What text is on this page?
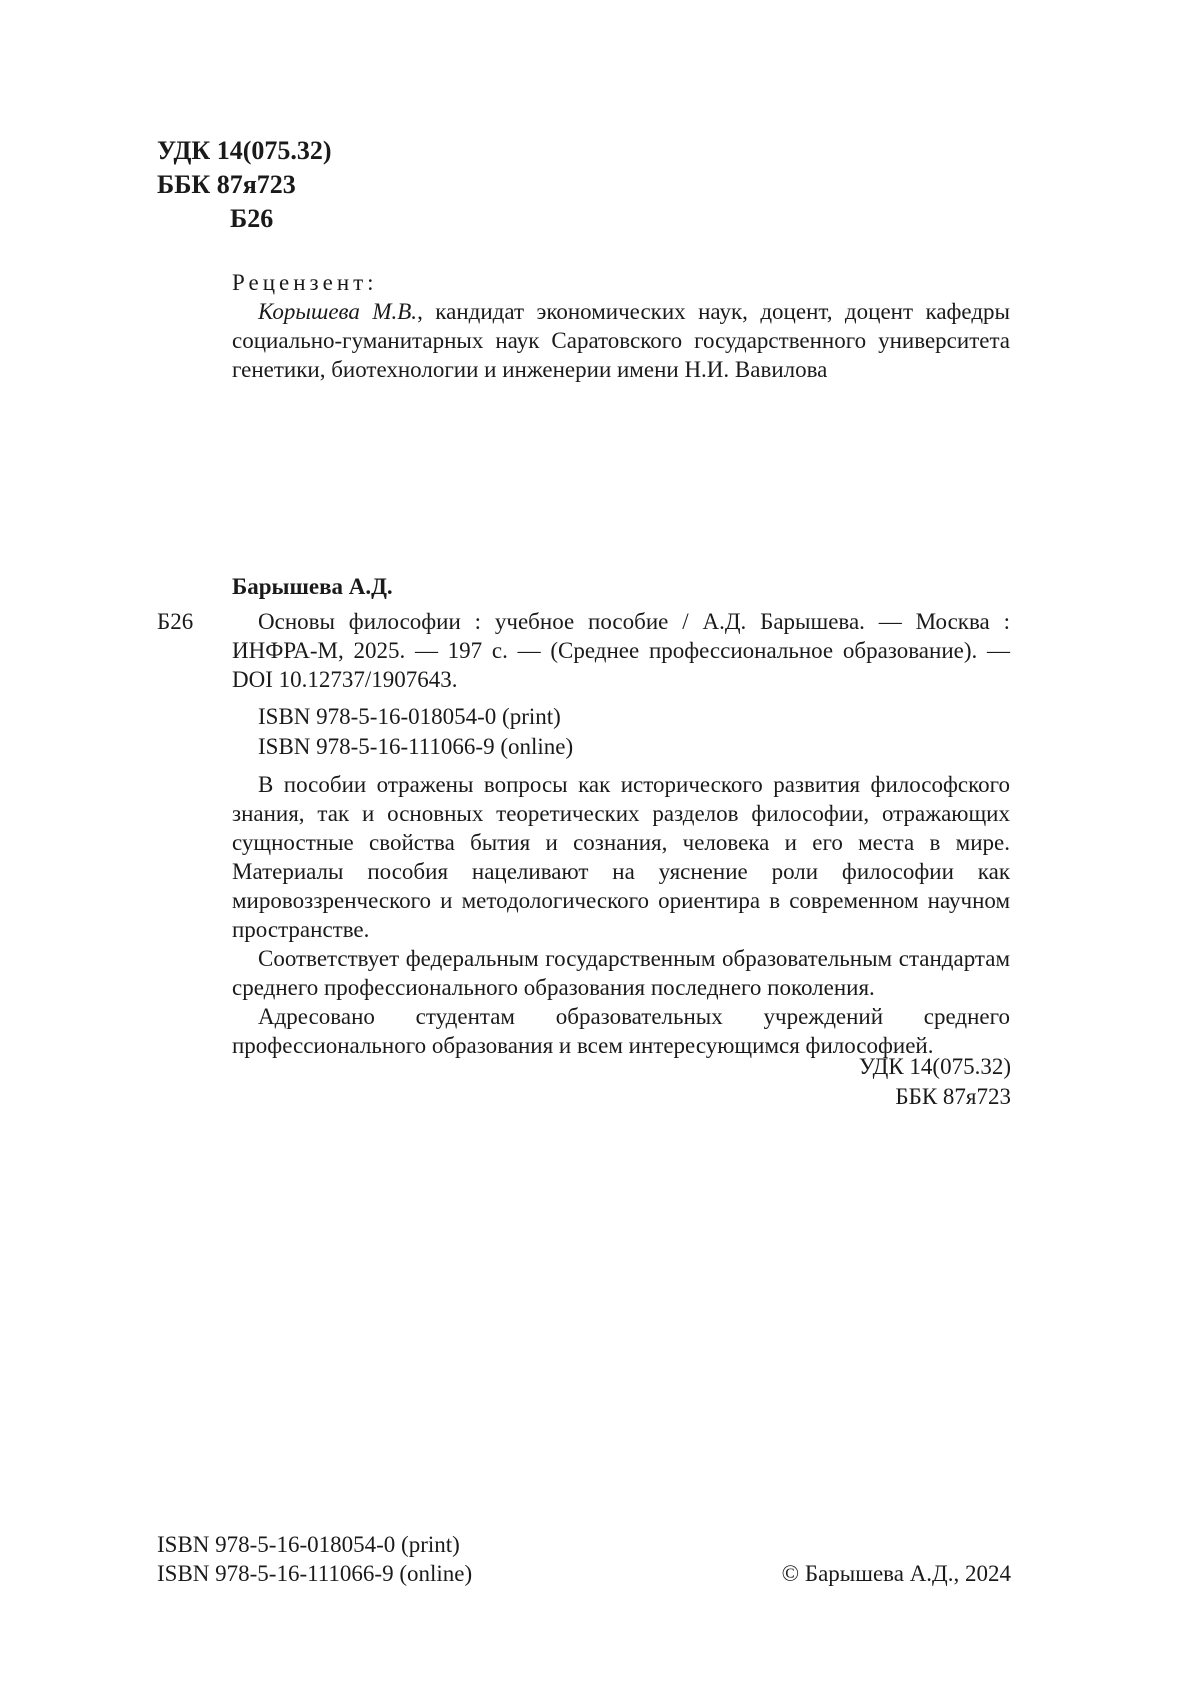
УДК 14(075.32)
ББК 87я723
Б26
Рецензент:

Корышева М.В., кандидат экономических наук, доцент, доцент кафедры социально-гуманитарных наук Саратовского государственного университета генетики, биотехнологии и инженерии имени Н.И. Вавилова

Барышева А.Д.
Б26	Основы философии : учебное пособие / А.Д. Барышева. — Москва : ИНФРА-М, 2025. — 197 с. — (Среднее профессиональное образование). — DOI 10.12737/1907643.

ISBN 978-5-16-018054-0 (print)
ISBN 978-5-16-111066-9 (online)

В пособии отражены вопросы как исторического развития философского знания, так и основных теоретических разделов философии, отражающих сущностные свойства бытия и сознания, человека и его места в мире. Материалы пособия нацеливают на уяснение роли философии как мировоззренческого и методологического ориентира в современном научном пространстве.

Соответствует федеральным государственным образовательным стандартам среднего профессионального образования последнего поколения.

Адресовано студентам образовательных учреждений среднего профессионального образования и всем интересующимся философией.

УДК 14(075.32)
ББК 87я723
ISBN 978-5-16-018054-0 (print)
ISBN 978-5-16-111066-9 (online)	© Барышева А.Д., 2024
